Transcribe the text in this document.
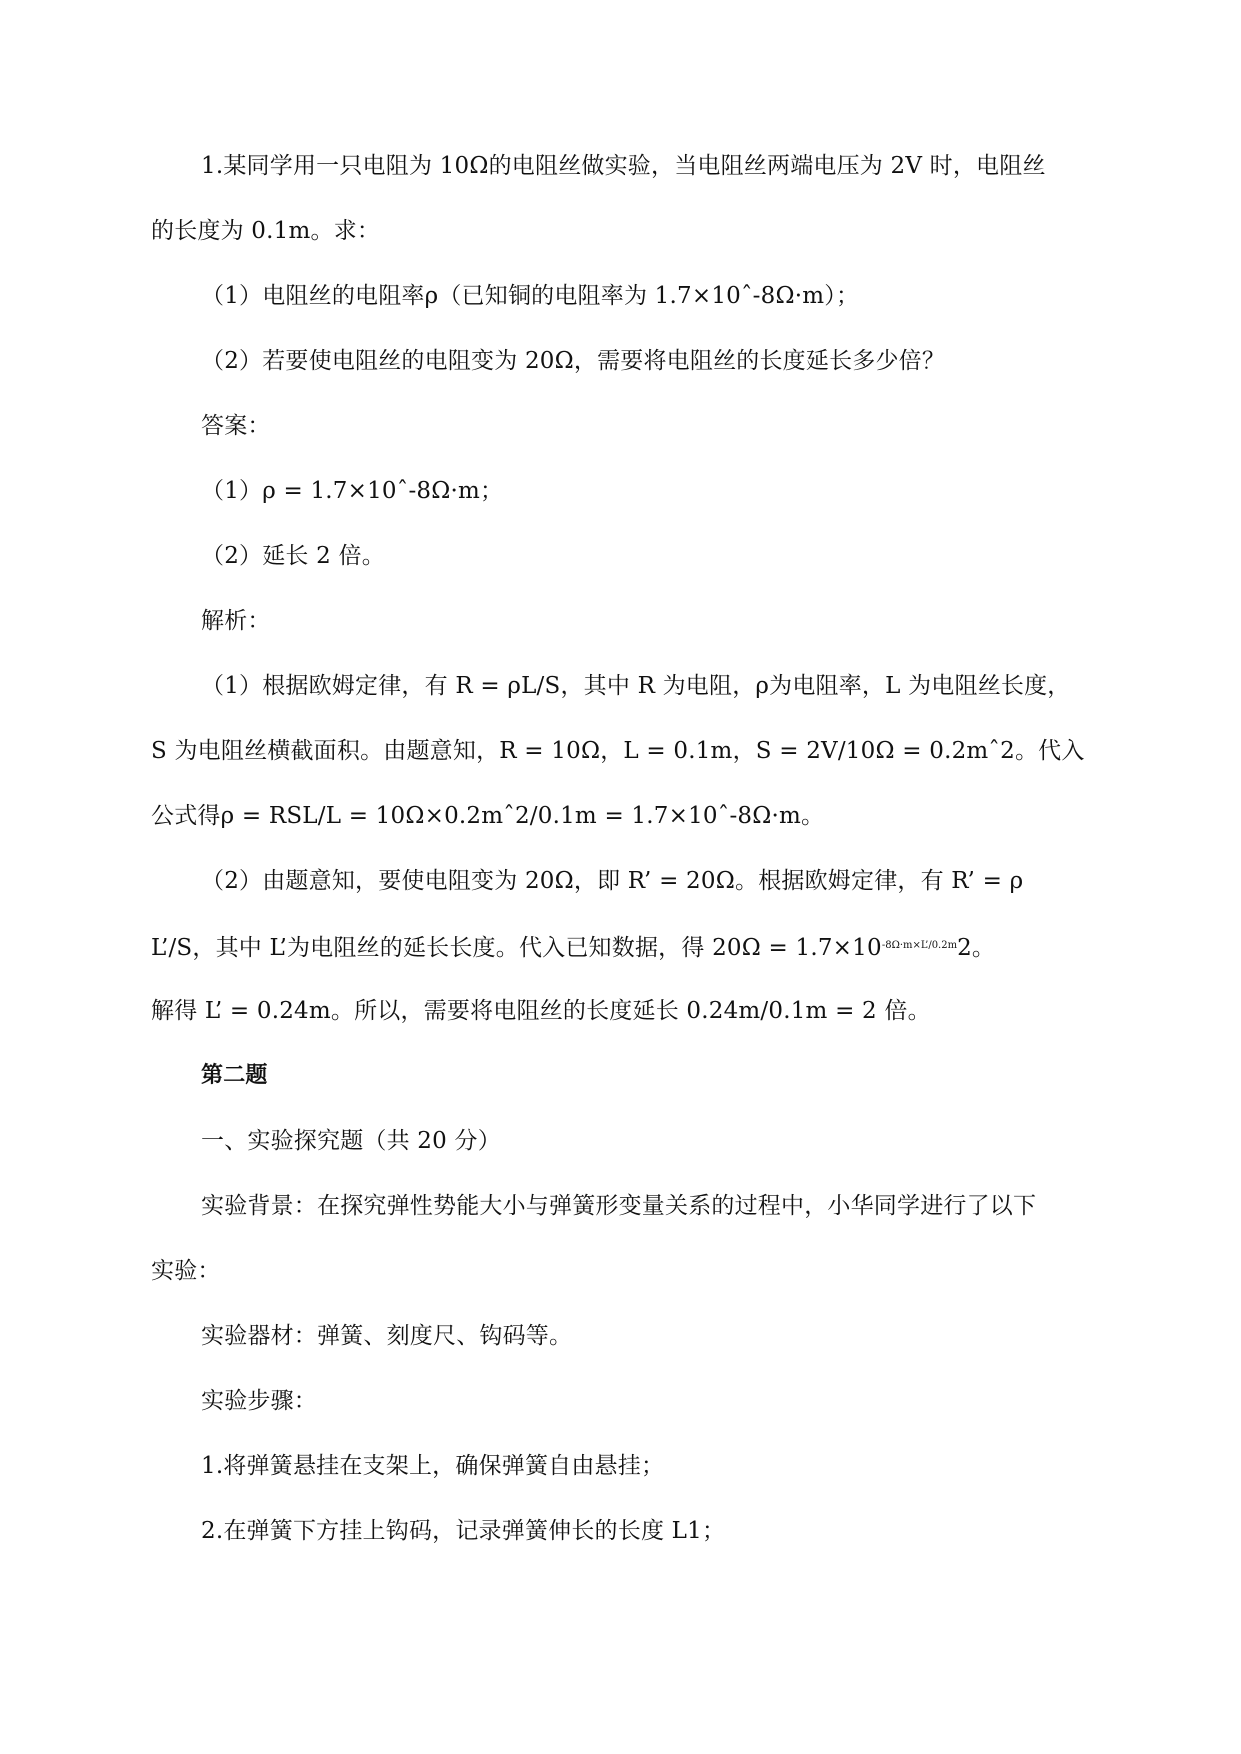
1.某同学用一只电阻为 10Ω的电阻丝做实验，当电阻丝两端电压为 2V 时，电阻丝
的长度为 0.1m。求：
（1）电阻丝的电阻率ρ（已知铜的电阻率为 1.7×10ˆ-8Ω·m）；
（2）若要使电阻丝的电阻变为 20Ω，需要将电阻丝的长度延长多少倍？
答案：
（1）ρ = 1.7×10ˆ-8Ω·m；
（2）延长 2 倍。
解析：
（1）根据欧姆定律，有 R = ρL/S，其中 R 为电阻，ρ为电阻率，L 为电阻丝长度，
S 为电阻丝横截面积。由题意知，R = 10Ω，L = 0.1m，S = 2V/10Ω = 0.2mˆ2。代入
公式得ρ = RSL/L = 10Ω×0.2mˆ2/0.1m = 1.7×10ˆ-8Ω·m。
（2）由题意知，要使电阻变为 20Ω，即 R’ = 20Ω。根据欧姆定律，有 R’ = ρ
L’/S，其中 L’为电阻丝的延长长度。代入已知数据，得 $20\Omega = 1.7\times 10^{-8\Omega\cdot m\times L’/0.2m}2$。
解得 L’ = 0.24m。所以，需要将电阻丝的长度延长 0.24m/0.1m = 2 倍。
第二题
一、实验探究题（共 20 分）
实验背景：在探究弹性势能大小与弹簧形变量关系的过程中，小华同学进行了以下
实验：
实验器材：弹簧、刻度尺、钩码等。
实验步骤：
1.将弹簧悬挂在支架上，确保弹簧自由悬挂；
2.在弹簧下方挂上钩码，记录弹簧伸长的长度 L1；
